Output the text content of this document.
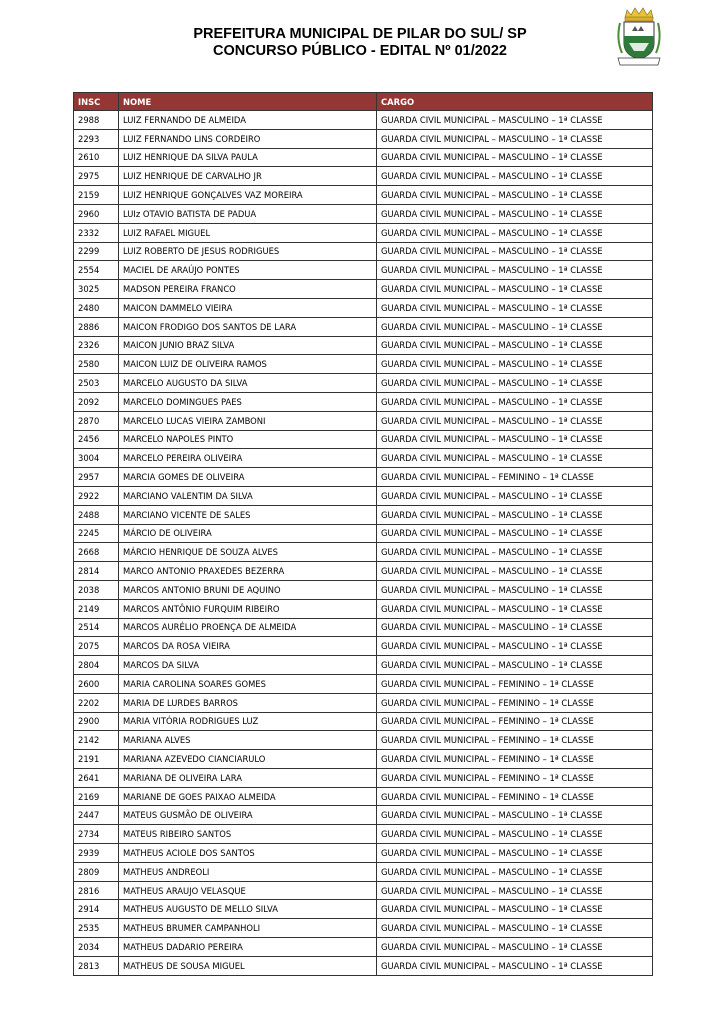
PREFEITURA MUNICIPAL DE PILAR DO SUL/ SP
CONCURSO PÚBLICO - EDITAL Nº 01/2022
INSC	NOME	CARGO
2988	LUIZ FERNANDO DE ALMEIDA	GUARDA CIVIL MUNICIPAL – MASCULINO – 1ª CLASSE
2293	LUIZ FERNANDO LINS CORDEIRO	GUARDA CIVIL MUNICIPAL – MASCULINO – 1ª CLASSE
2610	LUIZ HENRIQUE DA SILVA PAULA	GUARDA CIVIL MUNICIPAL – MASCULINO – 1ª CLASSE
2975	LUIZ HENRIQUE DE CARVALHO JR	GUARDA CIVIL MUNICIPAL – MASCULINO – 1ª CLASSE
2159	LUIZ HENRIQUE GONÇALVES VAZ MOREIRA	GUARDA CIVIL MUNICIPAL – MASCULINO – 1ª CLASSE
2960	LUIz OTAVIO BATISTA DE PADUA	GUARDA CIVIL MUNICIPAL – MASCULINO – 1ª CLASSE
2332	LUIZ RAFAEL MIGUEL	GUARDA CIVIL MUNICIPAL – MASCULINO – 1ª CLASSE
2299	LUIZ ROBERTO DE JESUS RODRIGUES	GUARDA CIVIL MUNICIPAL – MASCULINO – 1ª CLASSE
2554	MACIEL DE ARAÚJO PONTES	GUARDA CIVIL MUNICIPAL – MASCULINO – 1ª CLASSE
3025	MADSON PEREIRA FRANCO	GUARDA CIVIL MUNICIPAL – MASCULINO – 1ª CLASSE
2480	MAICON DAMMELO VIEIRA	GUARDA CIVIL MUNICIPAL – MASCULINO – 1ª CLASSE
2886	MAICON FRODIGO DOS SANTOS DE LARA	GUARDA CIVIL MUNICIPAL – MASCULINO – 1ª CLASSE
2326	MAICON JUNIO BRAZ SILVA	GUARDA CIVIL MUNICIPAL – MASCULINO – 1ª CLASSE
2580	MAICON LUIZ DE OLIVEIRA RAMOS	GUARDA CIVIL MUNICIPAL – MASCULINO – 1ª CLASSE
2503	MARCELO AUGUSTO DA SILVA	GUARDA CIVIL MUNICIPAL – MASCULINO – 1ª CLASSE
2092	MARCELO DOMINGUES PAES	GUARDA CIVIL MUNICIPAL – MASCULINO – 1ª CLASSE
2870	MARCELO LUCAS VIEIRA ZAMBONI	GUARDA CIVIL MUNICIPAL – MASCULINO – 1ª CLASSE
2456	MARCELO NAPOLES PINTO	GUARDA CIVIL MUNICIPAL – MASCULINO – 1ª CLASSE
3004	MARCELO PEREIRA OLIVEIRA	GUARDA CIVIL MUNICIPAL – MASCULINO – 1ª CLASSE
2957	MARCIA GOMES DE OLIVEIRA	GUARDA CIVIL MUNICIPAL – FEMININO – 1ª CLASSE
2922	MARCIANO VALENTIM DA SILVA	GUARDA CIVIL MUNICIPAL – MASCULINO – 1ª CLASSE
2488	MARCIANO VICENTE DE SALES	GUARDA CIVIL MUNICIPAL – MASCULINO – 1ª CLASSE
2245	MÁRCIO DE OLIVEIRA	GUARDA CIVIL MUNICIPAL – MASCULINO – 1ª CLASSE
2668	MÁRCIO HENRIQUE DE SOUZA ALVES	GUARDA CIVIL MUNICIPAL – MASCULINO – 1ª CLASSE
2814	MARCO ANTONIO PRAXEDES BEZERRA	GUARDA CIVIL MUNICIPAL – MASCULINO – 1ª CLASSE
2038	MARCOS ANTONIO BRUNI DE AQUINO	GUARDA CIVIL MUNICIPAL – MASCULINO – 1ª CLASSE
2149	MARCOS ANTÔNIO FURQUIM RIBEIRO	GUARDA CIVIL MUNICIPAL – MASCULINO – 1ª CLASSE
2514	MARCOS AURÉLIO PROENÇA DE ALMEIDA	GUARDA CIVIL MUNICIPAL – MASCULINO – 1ª CLASSE
2075	MARCOS DA ROSA VIEIRA	GUARDA CIVIL MUNICIPAL – MASCULINO – 1ª CLASSE
2804	MARCOS DA SILVA	GUARDA CIVIL MUNICIPAL – MASCULINO – 1ª CLASSE
2600	MARIA CAROLINA SOARES GOMES	GUARDA CIVIL MUNICIPAL – FEMININO – 1ª CLASSE
2202	MARIA DE LURDES BARROS	GUARDA CIVIL MUNICIPAL – FEMININO – 1ª CLASSE
2900	MARIA VITÓRIA RODRIGUES LUZ	GUARDA CIVIL MUNICIPAL – FEMININO – 1ª CLASSE
2142	MARIANA ALVES	GUARDA CIVIL MUNICIPAL – FEMININO – 1ª CLASSE
2191	MARIANA AZEVEDO CIANCIARULO	GUARDA CIVIL MUNICIPAL – FEMININO – 1ª CLASSE
2641	MARIANA DE OLIVEIRA LARA	GUARDA CIVIL MUNICIPAL – FEMININO – 1ª CLASSE
2169	MARIANE DE GOES PAIXAO ALMEIDA	GUARDA CIVIL MUNICIPAL – FEMININO – 1ª CLASSE
2447	MATEUS GUSMÃO DE OLIVEIRA	GUARDA CIVIL MUNICIPAL – MASCULINO – 1ª CLASSE
2734	MATEUS RIBEIRO SANTOS	GUARDA CIVIL MUNICIPAL – MASCULINO – 1ª CLASSE
2939	MATHEUS ACIOLE DOS SANTOS	GUARDA CIVIL MUNICIPAL – MASCULINO – 1ª CLASSE
2809	MATHEUS ANDREOLI	GUARDA CIVIL MUNICIPAL – MASCULINO – 1ª CLASSE
2816	MATHEUS ARAUJO VELASQUE	GUARDA CIVIL MUNICIPAL – MASCULINO – 1ª CLASSE
2914	MATHEUS AUGUSTO DE MELLO SILVA	GUARDA CIVIL MUNICIPAL – MASCULINO – 1ª CLASSE
2535	MATHEUS BRUMER CAMPANHOLI	GUARDA CIVIL MUNICIPAL – MASCULINO – 1ª CLASSE
2034	MATHEUS DADARIO PEREIRA	GUARDA CIVIL MUNICIPAL – MASCULINO – 1ª CLASSE
2813	MATHEUS DE SOUSA MIGUEL	GUARDA CIVIL MUNICIPAL – MASCULINO – 1ª CLASSE
